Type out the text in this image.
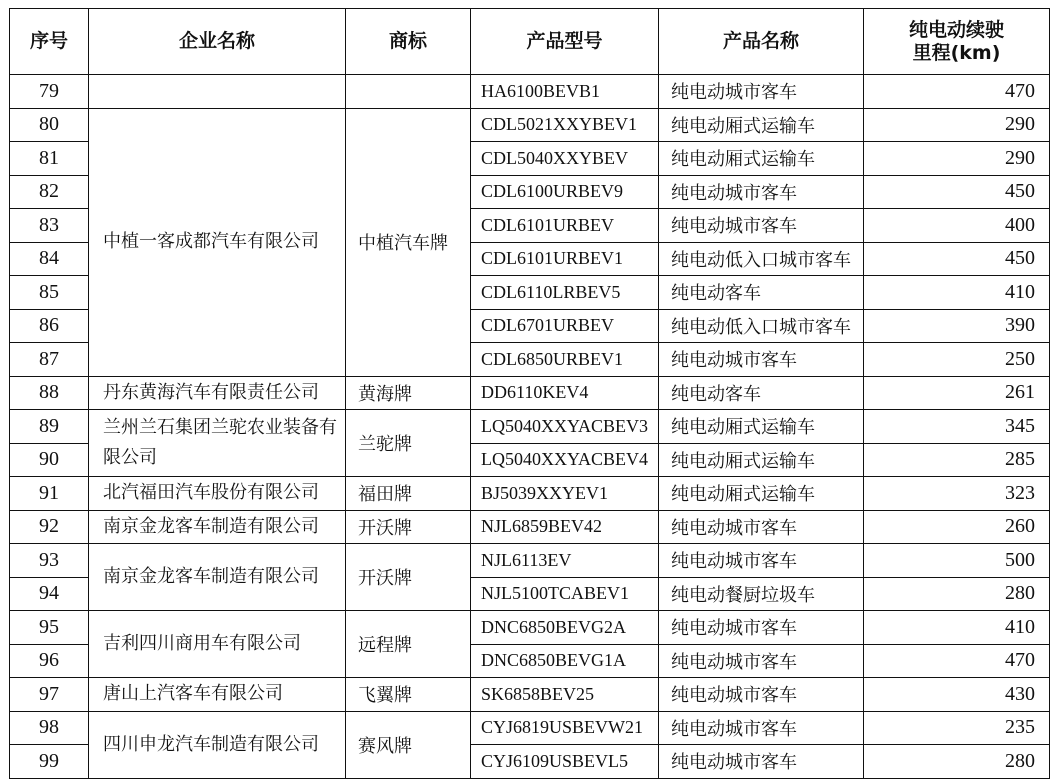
序号	企业名称	商标	产品型号	产品名称	纯电动续驶
里程(km)

79			HA6100BEVB1	纯电动城市客车	470
80	中植一客成都汽车有限公司	中植汽车牌	CDL5021XXYBEV1	纯电动厢式运输车	290
81			CDL5040XXYBEV	纯电动厢式运输车	290
82			CDL6100URBEV9	纯电动城市客车	450
83			CDL6101URBEV	纯电动城市客车	400
84			CDL6101URBEV1	纯电动低入口城市客车	450
85			CDL6110LRBEV5	纯电动客车	410
86			CDL6701URBEV	纯电动低入口城市客车	390
87			CDL6850URBEV1	纯电动城市客车	250
88	丹东黄海汽车有限责任公司	黄海牌	DD6110KEV4	纯电动客车	261
89	兰州兰石集团兰驼农业装备有限公司	兰驼牌	LQ5040XXYACBEV3	纯电动厢式运输车	345
90			LQ5040XXYACBEV4	纯电动厢式运输车	285
91	北汽福田汽车股份有限公司	福田牌	BJ5039XXYEV1	纯电动厢式运输车	323
92	南京金龙客车制造有限公司	开沃牌	NJL6859BEV42	纯电动城市客车	260
93	南京金龙客车制造有限公司	开沃牌	NJL6113EV	纯电动城市客车	500
94			NJL5100TCABEV1	纯电动餐厨垃圾车	280
95	吉利四川商用车有限公司	远程牌	DNC6850BEVG2A	纯电动城市客车	410
96			DNC6850BEVG1A	纯电动城市客车	470
97	唐山上汽客车有限公司	飞翼牌	SK6858BEV25	纯电动城市客车	430
98	四川申龙汽车制造有限公司	赛风牌	CYJ6819USBEVW21	纯电动城市客车	235
99			CYJ6109USBEVL5	纯电动城市客车	280
